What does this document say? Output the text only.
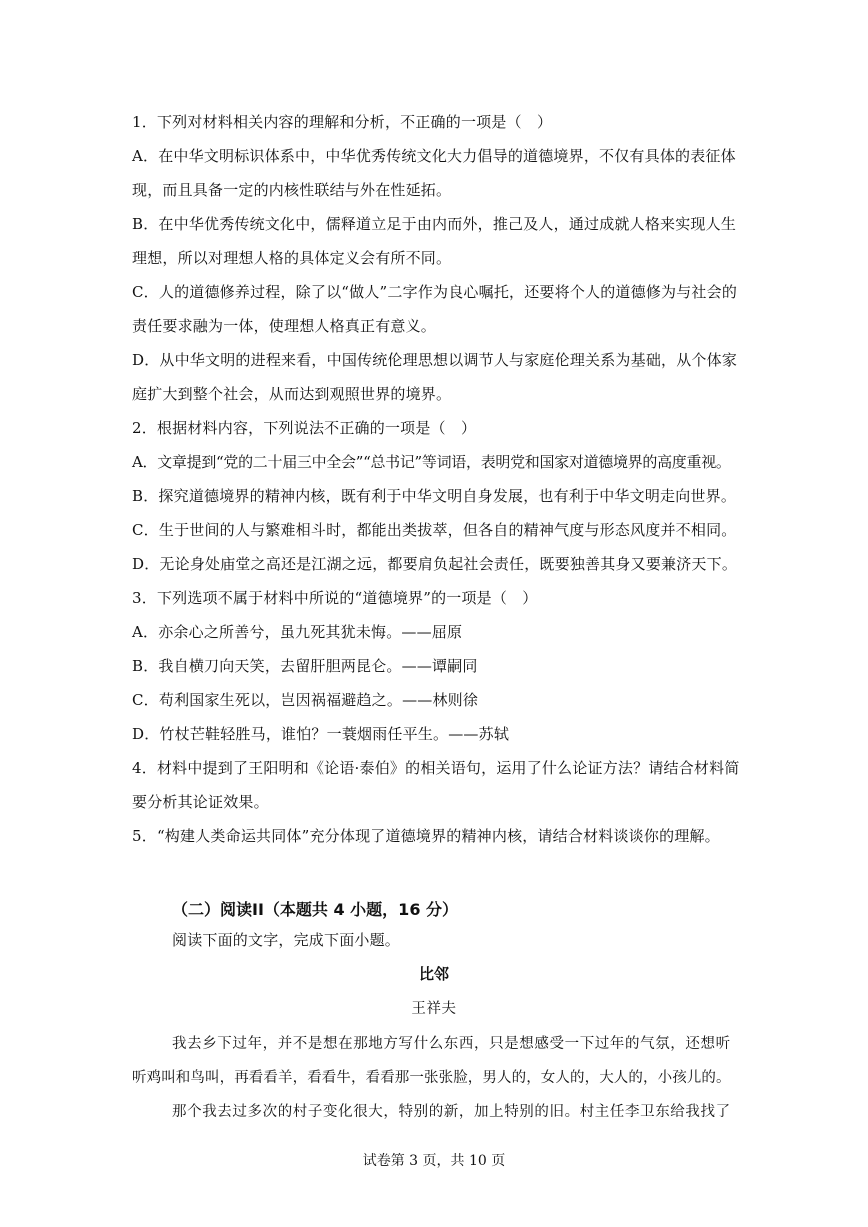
1．下列对材料相关内容的理解和分析，不正确的一项是（　）
A．在中华文明标识体系中，中华优秀传统文化大力倡导的道德境界，不仅有具体的表征体
现，而且具备一定的内核性联结与外在性延拓。
B．在中华优秀传统文化中，儒释道立足于由内而外，推己及人，通过成就人格来实现人生
理想，所以对理想人格的具体定义会有所不同。
C．人的道德修养过程，除了以“做人”二字作为良心嘱托，还要将个人的道德修为与社会的
责任要求融为一体，使理想人格真正有意义。
D．从中华文明的进程来看，中国传统伦理思想以调节人与家庭伦理关系为基础，从个体家
庭扩大到整个社会，从而达到观照世界的境界。
2．根据材料内容，下列说法不正确的一项是（　）
A．文章提到“党的二十届三中全会”“总书记”等词语，表明党和国家对道德境界的高度重视。
B．探究道德境界的精神内核，既有利于中华文明自身发展，也有利于中华文明走向世界。
C．生于世间的人与繁难相斗时，都能出类拔萃，但各自的精神气度与形态风度并不相同。
D．无论身处庙堂之高还是江湖之远，都要肩负起社会责任，既要独善其身又要兼济天下。
3．下列选项不属于材料中所说的“道德境界”的一项是（　）
A．亦余心之所善兮，虽九死其犹未悔。——屈原
B．我自横刀向天笑，去留肝胆两昆仑。——谭嗣同
C．苟利国家生死以，岂因祸福避趋之。——林则徐
D．竹杖芒鞋轻胜马，谁怕？一蓑烟雨任平生。——苏轼
4．材料中提到了王阳明和《论语·泰伯》的相关语句，运用了什么论证方法？请结合材料简
要分析其论证效果。
5．“构建人类命运共同体”充分体现了道德境界的精神内核，请结合材料谈谈你的理解。
（二）阅读II（本题共 4 小题，16 分）
阅读下面的文字，完成下面小题。
比邻
王祥夫
我去乡下过年，并不是想在那地方写什么东西，只是想感受一下过年的气氛，还想听
听鸡叫和鸟叫，再看看羊，看看牛，看看那一张张脸，男人的，女人的，大人的，小孩儿的。
那个我去过多次的村子变化很大，特别的新，加上特别的旧。村主任李卫东给我找了
试卷第 3 页，共 10 页
